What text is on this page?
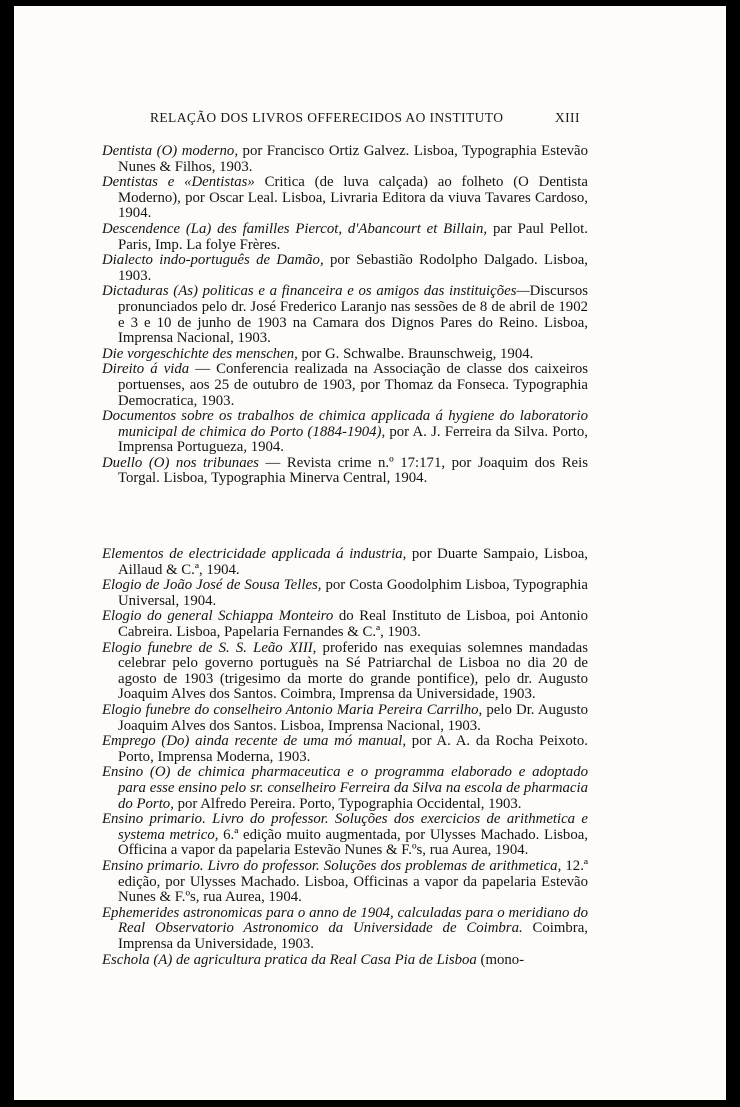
RELAÇÃO DOS LIVROS OFFERECIDOS AO INSTITUTO	XIII

Dentista (O) moderno, por Francisco Ortiz Galvez. Lisboa, Typographia Estevão Nunes & Filhos, 1903.

Dentistas e «Dentistas» Critica (de luva calçada) ao folheto (O Dentista Moderno), por Oscar Leal. Lisboa, Livraria Editora da viuva Tavares Cardoso, 1904.

Descendence (La) des familles Piercot, d'Abancourt et Billain, par Paul Pellot. Paris, Imp. La folye Frères.

Dialecto indo-português de Damão, por Sebastião Rodolpho Dalgado. Lisboa, 1903.

Dictaduras (As) politicas e a financeira e os amigos das instituições—Discursos pronunciados pelo dr. José Frederico Laranjo nas sessões de 8 de abril de 1902 e 3 e 10 de junho de 1903 na Camara dos Dignos Pares do Reino. Lisboa, Imprensa Nacional, 1903.

Die vorgeschichte des menschen, por G. Schwalbe. Braunschweig, 1904.

Direito á vida — Conferencia realizada na Associação de classe dos caixeiros portuenses, aos 25 de outubro de 1903, por Thomaz da Fonseca. Typographia Democratica, 1903.

Documentos sobre os trabalhos de chimica applicada á hygiene do laboratorio municipal de chimica do Porto (1884-1904), por A. J. Ferreira da Silva. Porto, Imprensa Portugueza, 1904.

Duello (O) nos tribunaes — Revista crime n.º 17:171, por Joaquim dos Reis Torgal. Lisboa, Typographia Minerva Central, 1904.

Elementos de electricidade applicada á industria, por Duarte Sampaio, Lisboa, Aillaud & C.ª, 1904.

Elogio de João José de Sousa Telles, por Costa Goodolphim Lisboa, Typographia Universal, 1904.

Elogio do general Schiappa Monteiro do Real Instituto de Lisboa, poi Antonio Cabreira. Lisboa, Papelaria Fernandes & C.ª, 1903.

Elogio funebre de S. S. Leão XIII, proferido nas exequias solemnes mandadas celebrar pelo governo portuguès na Sé Patriarchal de Lisboa no dia 20 de agosto de 1903 (trigesimo da morte do grande pontifice), pelo dr. Augusto Joaquim Alves dos Santos. Coimbra, Imprensa da Universidade, 1903.

Elogio funebre do conselheiro Antonio Maria Pereira Carrilho, pelo Dr. Augusto Joaquim Alves dos Santos. Lisboa, Imprensa Nacional, 1903.

Emprego (Do) ainda recente de uma mó manual, por A. A. da Rocha Peixoto. Porto, Imprensa Moderna, 1903.

Ensino (O) de chimica pharmaceutica e o programma elaborado e adoptado para esse ensino pelo sr. conselheiro Ferreira da Silva na escola de pharmacia do Porto, por Alfredo Pereira. Porto, Typographia Occidental, 1903.

Ensino primario. Livro do professor. Soluções dos exercicios de arithmetica e systema metrico, 6.ª edição muito augmentada, por Ulysses Machado. Lisboa, Officina a vapor da papelaria Estevão Nunes & F.ºs, rua Aurea, 1904.

Ensino primario. Livro do professor. Soluções dos problemas de arithmetica, 12.ª edição, por Ulysses Machado. Lisboa, Officinas a vapor da papelaria Estevão Nunes & F.ºs, rua Aurea, 1904.

Ephemerides astronomicas para o anno de 1904, calculadas para o meridiano do Real Observatorio Astronomico da Universidade de Coimbra. Coimbra, Imprensa da Universidade, 1903.

Eschola (A) de agricultura pratica da Real Casa Pia de Lisboa (mono-
